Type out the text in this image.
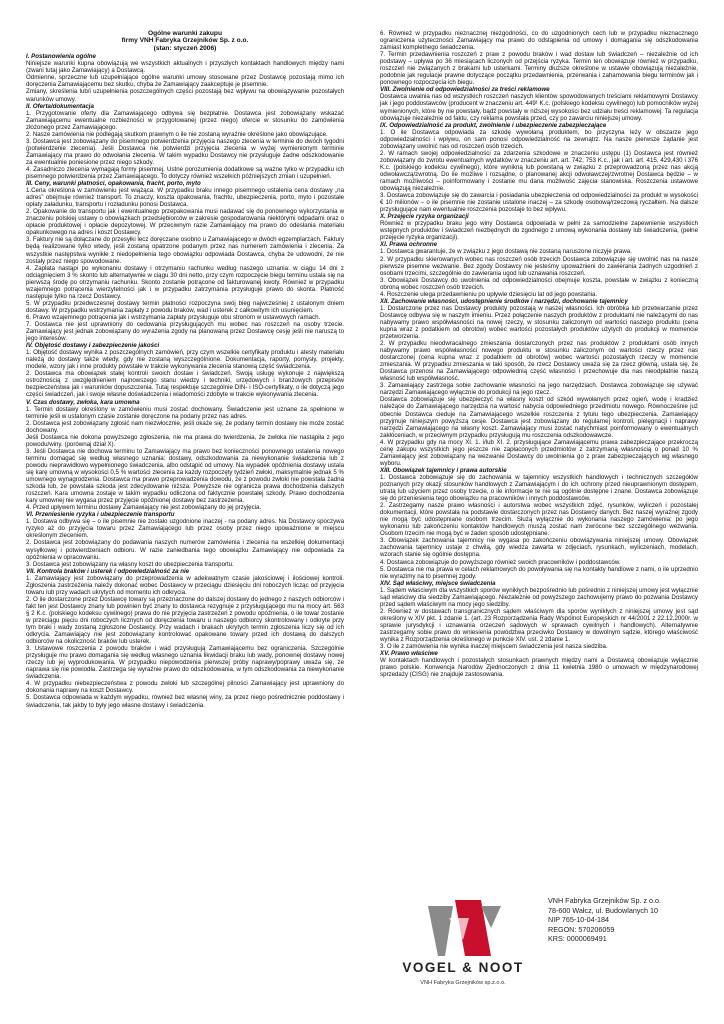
Ogólne warunki zakupu
firmy VNH Fabryka Grzejników Sp. z o.o.
(stan: styczeń 2006)

I. Postanowienia ogólne

Niniejsze warunki kupna obowiązują we wszystkich aktualnych i przyszłych kontaktach handlowych między nami (zwani tutaj jako Zamawiający) a Dostawcą.

Odmienne, sprzeczne lub uzupełniające ogólne warunki umowy stosowane przez Dostawcę pozostają mimo ich doręczenia Zamawiającemu bez skutku, chyba że Zamawiający zaakceptuje je pisemnie.

Zmiany, skreślenia lub/i uzupełnienia poszczególnych części pozostają bez wpływu na obowiązywanie pozostałych warunków umowy.

II. Oferta/dokumentacja

1. Przygotowanie oferty dla Zamawiającego odbywa się bezpłatnie. Dostawca jest zobowiązany wskazać Zamawiającemu ewentualne rozbieżności w przygotowanej (przez niego) ofercie w stosunku do zamówienia złożonego przez Zamawiającego.

2. Nasze zamówienia nie podlegają skutkom prawnym o ile nie zostaną wyraźnie określone jako obowiązujące.

3. Dostawca jest zobowiązany do pisemnego potwierdzenia przyjęcia naszego zlecenia w terminie do dwóch tygodni (potwierdzenie zlecenia). Jeśli Dostawca nie potwierdzi przyjęcia zlecenia w wyżej wymienionym terminie Zamawiający ma prawo do odwołania zlecenia. W takim wypadku Dostawcy nie przysługuje żadne odszkodowanie za ewentualnie poniesione przez niego szkody.

4. Zasadniczo zlecenia wymagają formy pisemnej. Ustne porozumienia dodatkowe są ważne tylko w przypadku ich pisemnego potwierdzenia przez Zamawiającego. To dotyczy również wszelkich późniejszych zmian i uzupełnień.

III. Ceny, warunki płatności, opakowania, fracht, porto, myto

1.Cena określona w zamówieniu jest wiążąca. W przypadku braku innego pisemnego ustalenia cena dostawy „na adres” obejmuje również transport. To znaczy, koszta opakowania, frachtu, ubezpieczenia, porto, myto i pozostałe opłaty załadunku, transportu i rozładunku ponosi Dostawca.

2. Opakowanie do transportu jak i ewentualnego przepakowania musi nadawać się do ponownego wykorzystania w znaczeniu polskiej ustawy o obowiązkach przedsiębiorców w zakresie gospodarowania niektórymi odpadami oraz o opłacie produktowej i opłacie depozytowej. W przeciwnym razie Zamawiający ma prawo do odesłania materiału opakunkowego na adres i koszt Dostawcy.

3. Faktury nie są dołączane do przesyłki lecz doręczane osobno u Zamawiającego w dwóch egzemplarzach. Faktury będą realizowane tylko wtedy, jeśli zostaną opatrzone podanym przez nas numerem zamówienia i zlecenia. Za wszystkie następstwa wynikłe z niedopełnienia tego obowiązku odpowiada Dostawca, chyba że udowodni, że nie zostały przez niego spowodowane.

4. Zapłata nastąpi po wykonaniu dostawy i otrzymaniu rachunku według naszego uznania: w ciągu 14 dni z odciągnięciem 3 % skonto lub alternatywnie w ciągu 30 dni netto, przy czym rozpoczęcie biegu terminu ustala się na pierwszą środę po otrzymaniu rachunku. Skonto zostanie potrącone od fakturowanej kwoty. Również w przypadku wzajemnego potrącenia wierzytelności jak i w przypadku zatrzymania przysługuje prawo do skonta. Płatność następuje tylko na rzecz Dostawcy.

5. W przypadku przedwczesnej dostawy termin płatności rozpoczyna swój bieg najwcześniej z ustalonym dniem dostawy. W przypadku wstrzymania zapłaty z powodu braków, wad i usterek z całkowitym ich usunięciem.

6. Prawo wzajemnego potrącenia jak i wstrzymania zapłaty przysługuje obu stronom w ustawowych ramach.

7. Dostawca nie jest uprawniony do cedowania przysługujących mu wobec nas roszczeń na osoby trzecie. Zamawiający jest jednak zobowiązany do wyrażenia zgody na planowaną przez Dostawcę cesję jeśli nie naruszą to jego interesów.

IV. Objętość dostawy i zabezpieczenie jakości

1. Objętość dostawy wynika z poszczególnych zamówień, przy czym wszelkie certyfikaty produktu i atesty materiału należą do dostawy także wtedy, gdy nie zostaną wyszczególnione. Dokumentacja, raporty, pomysły, projekty, modele, wzory jak i inne produkty powstałe w trakcie wykonywania zlecenia stanowią część świadczenia.

2. Dostawca ma obowiązek stałej kontroli swoich dostaw i świadczeń. Swoją usługę wykonuje z największą ostrożnością z uwzględnieniem najnowszego stanu wiedzy i techniki, urzędowych i branżowych przepisów bezpieczeństwa jak i warunków dopuszczenia. Tutaj respektuje szczególnie DIN- i ISO-certyfikaty, o ile dotyczą jego części świadczeń, jak i swoje własne doświadczenia i wiadomości zdobyte w trakcie wykonywania zlecenia.

V. Czas dostawy, zwłoka, kara umowna

1. Termin dostawy określony w zamówieniu musi zostać dochowany. Świadczenie jest uznane za spełnione w terminie jeśli w ustalonym czasie zostanie doręczone na podany przez nas adres.

2. Dostawca jest zobowiązany zgłosić nam niezwłocznie, jeśli okaże się, że podany termin dostawy nie może zostać dochowany.

Jeśli Dostawca nie dokona powyższego zgłoszenia, nie ma prawa do twierdzenia, że zwłoka nie nastąpiła z jego powodu/winy. (porównaj dział X).

3. Jeśli Dostawca nie dochowa terminu to Zamawiający ma prawo bez konieczności ponownego ustalenia nowego terminu domagać się według własnego uznania: dostawy, odszkodowania za niewykonanie świadczenia lub z powodu nieprawidłowo wypełnionego świadczenia, albo odstąpić od umowy. Na wypadek opóźnienia dostawy ustala się karę umowną w wysokości 0,5 % wartości zlecenia za każdy rozpoczęty tydzień zwłoki, maksymalnie jednak 5 % umownego wynagrodzenia. Dostawca ma prawo przeprowadzenia dowodu, że z powodu zwłoki nie powstała żadna szkoda lub, że powstała szkoda jest zdecydowanie niższa. Powyższe nie ogranicza prawa dochodzenia dalszych roszczeń. Kara umowna zostaje w takim wypadku odliczona od faktycznie powstałej szkody. Prawo dochodzenia kary umownej nie wygasa przez przyjęcie opóźnionej dostawy bez zastrzeżenia.

4. Przed upływem terminu dostawy Zamawiający nie jest zobowiązany do jej przyjęcia.

VI. Przeniesienie ryzyka i ubezpieczenie transportu

1. Dostawa odbywa się – o ile pisemnie nie zostało uzgodnione inaczej - na podany adres. Na Dostawcy spoczywa ryzyko aż do przyjęcia towaru przez Zamawiającego lub przez osoby przez niego upoważnione w miejscu określonym zleceniem.

2. Dostawca jest zobowiązany do podawania naszych numerów zamówienia i zlecenia na wszelkiej dokumentacji wysyłkowej i potwierdzeniach odbioru. W razie zaniedbania tego obowiązku Zamawiający nie odpowiada za opóźnienia w opracowaniu.

3. Dostawca jest zobowiązany na własny koszt do ubezpieczenia transportu.

VII. Kontrola braków i usterek i odpowiedzialność za nie

1. Zamawiający jest zobowiązany do przeprowadzenia w adekwatnym czasie jakościowej i ilościowej kontroli. Zgłoszenia zastrzeżenia należy dokonać wobec Dostawcy w przeciągu dziesięciu dni roboczych licząc od przyjęcia towaru lub przy wadach ukrytych od momentu ich odkrycia.

2. O ile dostarczone przez Dostawcę towary są przeznaczone do dalszej dostawy do jednego z naszych odbiorców i fakt ten jest Dostawcy znany lub powinien być znany to dostawca rezygnuje z przysługującego mu na mocy art. 563 § 2 K.c. (polskiego kodeksu cywilnego) prawa do nie przyjęcia zastrzeżeń z powodu opóźnienia, o ile towar zostanie w przeciągu pięciu dni roboczych licznych od doręczenia towaru u naszego odbiorcy skontrolowany i odkryte przy tym braki i wady zostaną zgłoszone Dostawcy. Przy wadach i brakach ukrytych termin zgłoszenia liczy się od ich odkrycia. Zamawiający nie jest zobowiązany kontrolować opakowane towary przed ich dostawą do dalszych odbiorców na okoliczność braków lub usterek.

3. Ustawowe roszczenia z powodu braków i wad przysługują Zamawiającemu bez ograniczenia. Szczególnie przysługuje mu prawo domagania się według własnego uznania likwidacji braku lub wady, ponownej dostawy nowej rzeczy lub jej wyprodukowania. W przypadku niepowodzenia pierwszej próby naprawy/poprawy uważa się, że naprawa się nie powiodła. Zastrzega się wyraźnie prawo do odszkodowania, w tym odszkodowania za niewykonanie świadczenia.

4. W przypadku niebezpieczeństwa z powodu zwłoki lub szczególnej pilności Zamawiający jest uprawniony do dokonania naprawy na koszt Dostawcy.

5. Dostawca odpowiada w każdym wypadku, również bez własnej winy, za przez niego pośrednicznie poddostawy i świadczenia, tak jakby to były jego własne dostawy i świadczenia.

6. Również w przypadku nieznacznej niezgodności, co do uzgodnionych cech lub w przypadku nieznacznego ograniczenia użyteczności Zamawiający ma prawo do odstąpienia od umowy i domagania się odszkodowania zamiast kompletnego świadczenia.

7. Termin przedawnienia roszczeń z praw z powodu braków i wad dostaw lub świadczeń – niezależnie od ich podstawy – upływa po 36 miesiącach liczonych od przejścia ryzyka. Termin ten obowiązuje również w przypadku, roszczeń nie związanych z brakami lub usterkami. Terminy dłuższe określone w ustawie obowiązują niezależnie, podobnie jak regulacje prawne dotyczące początku przedawnienia, przerwania i zahamowania biegu terminów jak i ponownego rozpoczęcia ich biegu.

VIII. Zwolnienie od odpowiedzialności za treści reklamowe

Dostawca uwalnia nas od wszystkich roszczeń naszych klientów spowodowanych treściami reklamowymi Dostawcy jak i jego poddostawców (producent w znaczeniu art. 449¹ K.c. (polskiego kodeksu cywilnego) lub pomocników wyżej wymienionych, które by nie powstały, bądź powstały w niższej wysokości bez udziału treści reklamowej. Ta regulacja obowiązuje niezależnie od faktu, czy reklama powstała przed, czy po zawarciu niniejszej umowy.

IX. Odpowiedzialność za produkt, zwolnienie i ubezpieczenie zabezpieczające

1. O ile Dostawca odpowiada za szkodę wywołaną produktem, bo przyczyna leży w obszarze jego odpowiedzialności i wpływu, on sam ponosi odpowiedzialność na zewnątrz. Na nasze pierwsze żądanie jest zobowiązany uwolnić nas od roszczeń osób trzecich.

2. W ramach swojej odpowiedzialności za zdarzenia szkodowe w znaczeniu ustępu (1) Dostawca jest również zobowiązany do zwrotu ewentualnych wydatków w znaczeniu art. art. 742, 753 K.c., jak i art. art. 415, 429,430 i 376 K.c. (polskiego kodeksu cywilnego), które wynikną lub powstaną w związku z przeprowadzoną przez nas akcją odwoławczą/zwrotną. Do ile możliwe i rozsądne, o planowanej akcji odwoławczej/zwrotnej Dostawca będzie – w ramach możliwości – poinformowany i zostanie mu dana możliwość zajęcia stanowiska. Roszczenia ustawowe obowiązują niezależnie.

3. Dostawca zobowiązuje się do zawarcia i posiadania ubezpieczenia od odpowiedzialności za produkt w wysokości € 10 milionów – o ile pisemnie nie zostanie ustalone inaczej – za szkodę osobową/rzeczową ryczałtem. Na dalsze przysługujące nam ewentualnie roszczenia pozostaje to bez wpływu.

X. Przejęcie ryzyka organizacji

Również w przypadku braku jego winy Dostawca odpowiada w pełni za samodzielne zapewnienie wszystkich wstępnych produktów i świadczeń niezbędnych do zgodnego z umową wykonania dostawy lub świadczenia, (pełne przejęcie ryzyka organizacji).

XI. Prawa ochronne

1. Dostawca gwarantuje, że w związku z jego dostawą nie zostaną naruszone niczyje prawa.

2. W przypadku skierowanych wobec nas roszczeń osób trzecich Dostawca zobowiązuje się uwolnić nas na nasze pierwsze pisemne wezwanie. Bez zgody Dostawcy nie jesteśmy upoważnieni do zawierania żadnych uzgodnień z osobami trzecimi, szczególnie do zawierania ugod lub uznawania roszczeń.

3. Obowiązek Dostawcy do uwolnienia od odpowiedzialności obejmuje koszta, powstałe w związku z konieczną obroną wobec roszczeń osób trzecich.

4. Roszczenie ulega przedawnieniu po upływie dziesięciu lat od jego powstania.

XII. Zachowanie własności, udostępnienie środków i narzędzi, dochowanie tajemnicy

1. Dostarczone przez nas Dostawcy produkty pozostają w naszej własności. Ich obróbka lub przetwarzanie przez Dostawcę odbywa się w naszym imieniu. Przez połączenie naszych produktów z produktami nie należącymi do nas nabywamy prawo współwłasności na nowej rzeczy, w stosunku zaliczonym od wartości naszego produktu (cena kupna wraz z podatkiem od obrotów) wobec wartości pozostałych produktów użytych do produkcji w momencie przetworzenia.

2. W przypadku nieodwracalnego zmieszania dostarczonych przez nas produktów z produktami osób innych nabywamy prawo współwłasności nowego produktu w stosunku zaliczonym od wartości rzeczy przez nas dostarczonej (cena kupna wraz z podatkiem od obrotów) wobec wartości pozostałych rzeczy w momencie zmieszania. W przypadku zmieszania w taki sposób, że rzecz Dostawcy uważa się za rzecz główną, ustala się, że Dostawca przenosi na Zamawiającego odpowiednią część własności i przechowuje dla nas nieodpłatnie naszą własność lub współwłasność.

3. Zamawiający zastrzega sobie zachowanie własności na jego narzędziach. Dostawca zobowiązuje się używać narzędzi Zamawiającego wyłącznie do produkcji na jego rzecz.

Dostawca zobowiązuje się ubezpieczyć na własny koszt od szkód wywołanych przez ogień, wodę i kradzież należące do Zamawiającego narzędzia na wartość nabycia odpowiedniego przedmiotu nowego. Równocześnie już obecnie Dostawca cieduje na Zamawiającego wszelkie roszczenia z tytułu tego ubezpieczenia. Zamawiający przyjmuje niniejszym powyższą cesje. Dostawca jest zobowiązany do regularnej kontroli, pielęgnacji i naprawy narzędzi Zamawiającego na własny koszt. Zamawiający musi zostać natychmiast poinformowany o ewentualnych zakłóceniach, w przeciwnym przypadku przysługują mu roszczenia odszkodowawcze.

4. W przypadku gdy na mocy XI. 1. i/lub XI. 2. przysługujące Zamawiającemu prawa zabezpieczające przekroczą cenę zakupu wszystkich jego jeszcze nie zapłaconych przedmiotów z zatrzymaną własnością o ponad 10 % Zamawiający jest zobowiązany na wezwanie Dostawcy do uwolnienia go z praw zabezpieczających wg własnego wyboru.

XIII. Obowiązek tajemnicy i prawa autorskie

1. Dostawca zobowiązuje się do zachowania w tajemnicy wszystkich handlowych i technicznych szczegółów poznanych przy okazji stosunków handlowych z Zamawiającym i do ich ochrony przed nieuprawnionym dostępem, utratą lub użyciem przez osoby trzecie, o ile informacje te nie są ogólnie dostępne i znane. Dostawca zobowiązuje się do przeniesienia tego obowiązku na pracowników i innych poddostawców.

2. Zastrzegamy nasze prawo własności i autorstwa wobec wszystkich zdjęć, rysunków, wyliczeń i pozostałej dokumentacji, które powstała na podstawie dostarczonych przez nas Dostawcy danych. Bez naszej wyraźnej zgody nie mogą być udostępniane osobom trzecim. Służą wyłącznie do wykonania naszego zamówienia; po jego wykonaniu lub zakończeniu kontaktów handlowych muszą zostać nam zwrócone bez szczególnego wezwania. Osobom trzecim nie mogą być w żaden sposób udostępniane.

3. Obowiązek zachowania tajemnicy nie wygasa po zakończeniu obowiązywania niniejszej umowy. Obowiązek zachowania tajemnicy ustaje z chwilą, gdy wiedza zawarta w zdjęciach, rysunkach, wyliczeniach, modelach, wzorach stanie się ogólnie dostępna.

4. Dostawca zobowiązuje do powyższego również swoich pracowników i poddostawców.

5. Dostawca nie ma prawa w celach reklamowych do powoływania się na kontakty handlowe z nami, o ile uprzednio nie wyrazimy na to pisemnej zgody.

XIV. Sąd właściwy, miejsce świadczenia

1. Sądem właściwym dla wszystkich sporów wynikłych bezpośrednio lub pośrednio z niniejszej umowy jest wyłącznie sąd właściwy dla siedziby Zamawiającego. Niezależnie od powyższego zachowujemy prawo do pozwania Dostawcy przed sądem właściwym na mocy jego siedziby.

2. Również w dostawach transgranicznych sądem właściwym dla sporów wynikłych z niniejszej umowy jest sąd określony w XIV pkt. 1 zdanie 1. (art. 23 Rozporządzenia Rady Wspólnot Europejskich nr 44/2001 z 22.12.2000r. w sprawie jurysdykcji i uznawania orzeczeń sądowych w sprawach cywilnych i handlowych). Alternatywnie zastrzegamy sobie prawo do wniesienia powództwa przeciwko Dostawcy w dowolnym sądzie, którego właściwość wynika z Rozporządzenia określonego w punkcie XIV. ust. 2 zdanie 1.

3. O ile z zamówienia nie wynika inaczej miejscem świadczenia jest nasza siedziba.

XV. Prawo właściwe

W kontaktach handlowych i pozostałych stosunkach prawnych między nami a Dostawcą obowiązuje wyłącznie prawo polskie. Konwencja Narodów Zjednoczonych z dnia 11 kwietnia 1980 o umowach w międzynarodowej sprzedaży (CISG) nie znajduje zastosowania.

VOGEL & NOOT
VNH Fabryka Grzejników sp.z.o.o.
VNH Fabryka Grzejników Sp. z o.o.
78-600 Wałcz, ul. Budowlanych 10
NIP 765-10-04-184
REGON: 570206059
KRS: 0000069491
